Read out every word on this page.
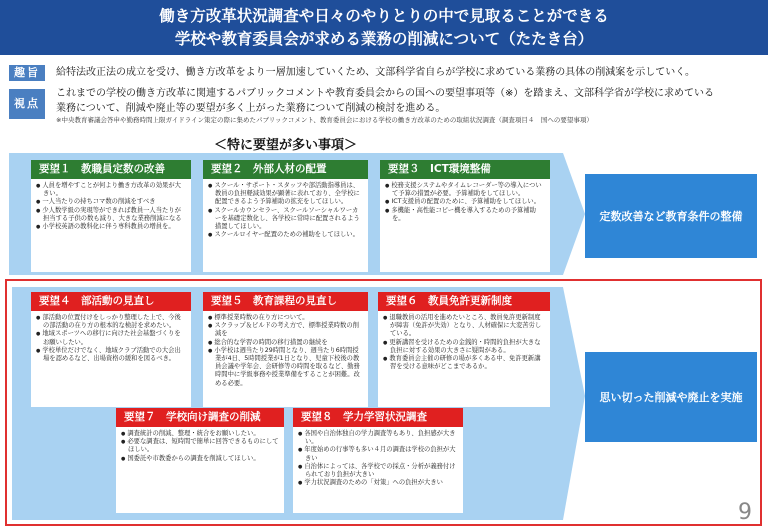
働き方改革状況調査や日々のやりとりの中で見取ることができる
学校や教育委員会が求める業務の削減について（たたき台）
趣旨	給特法改正法の成立を受け、働き方改革をより一層加速していくため、文部科学省自らが学校に求めている業務の具体の削減案を示していく。
視点
これまでの学校の働き方改革に関連するパブリックコメントや教育委員会からの国への要望事項等（※）を踏まえ、文部科学省が学校に求めている
業務について、削減や廃止等の要望が多く上がった業務について削減の検討を進める。
※中央教育審議会答申や勤務時間上限ガイドライン策定の際に集めたパブリックコメント、教育委員会における学校の働き方改革のための取組状況調査（調査項目４　国への要望事項）
＜特に要望が多い事項＞
要望１　教職員定数の改善
● 人員を増やすことが何より働き方改革の効果が大きい。
● 一人当たりの持ちコマ数の削減をすべき
● 少人数学級の実現等ができれば教員一人当たりが担当する子供の数も減り、大きな業務削減になる
● 小学校英語の教科化に伴う専科教員の増員を。
要望２　外部人材の配置
● スクール・サポート・スタッフや部活動指導員は、教員の負担軽減効果が顕著に表れており、全学校に配置できるよう予算補助の拡充をしてほしい。
● スクールカウンセラー、スクールソーシャルワーカーを基礎定数化し、各学校に常時に配置されるよう措置してほしい。
● スクールロイヤー配置のための補助をしてほしい。
要望３　ICT環境整備
● 校務支援システムやタイムレコーダー等の導入について予算の措置が必要。予算補助をしてほしい。
● ICT支援員の配置のために、予算補助をしてほしい。
● 多機能・高性能コピー機を導入するための予算補助を。
要望４　部活動の見直し
● 部活動の位置付けをしっかり整理した上で、今後の部活動の在り方の根本的な検討を求めたい。
● 地域スポーツへの移行に向けた社会基盤づくりをお願いしたい。
● 学校単位だけでなく、地域クラブ活動での大会出場を認めるなど、出場資格の緩和を図るべき。
要望５　教育課程の見直し
● 標準授業時数の在り方について。
● スクラップ＆ビルドの考え方で、標準授業時数の削減を
● 総合的な学習の時間の移行措置の継続を
● 小学校は週当たり29時間となり、週当たり6時間授業が4日、5時間授業が1日となり、児童下校後の教員会議や学年会、会研修等の時間を取るなど、勤務時間中に学級事務や授業準備をすることが困難。改める必要。
要望６　教員免許更新制度
● 退職教員の活用を進めたいところ、教員免許更新制度が障害（免許が失効）となり、人材確保に大変苦労している。
● 更新講習を受けるための金銭的・時間的負担が大きな負担に対する効果の大きさに疑問がある。
● 教育委員会主催の研修の場が多くある中、免許更新講習を受ける意味がどこまであるか。
要望７　学校向け調査の削減
● 調査統計の削減、整理・統合をお願いしたい。
● 必要な調査は、短時間で簡単に回答できるものにしてほしい。
● 国委託や市教委からの調査を削減してほしい。
要望８　学力学習状況調査
● 各国や自治体独自の学力調査等もあり、負担感が大きい。
● 年度始めの行事等も多い４月の調査は学校の負担が大きい
● 自治体によっては、各学校での採点・分析が義務付けられており負担が大きい
● 学力状況調査のための「対策」への負担が大きい
定数改善など教育条件の整備
思い切った削減や廃止を実施
9
